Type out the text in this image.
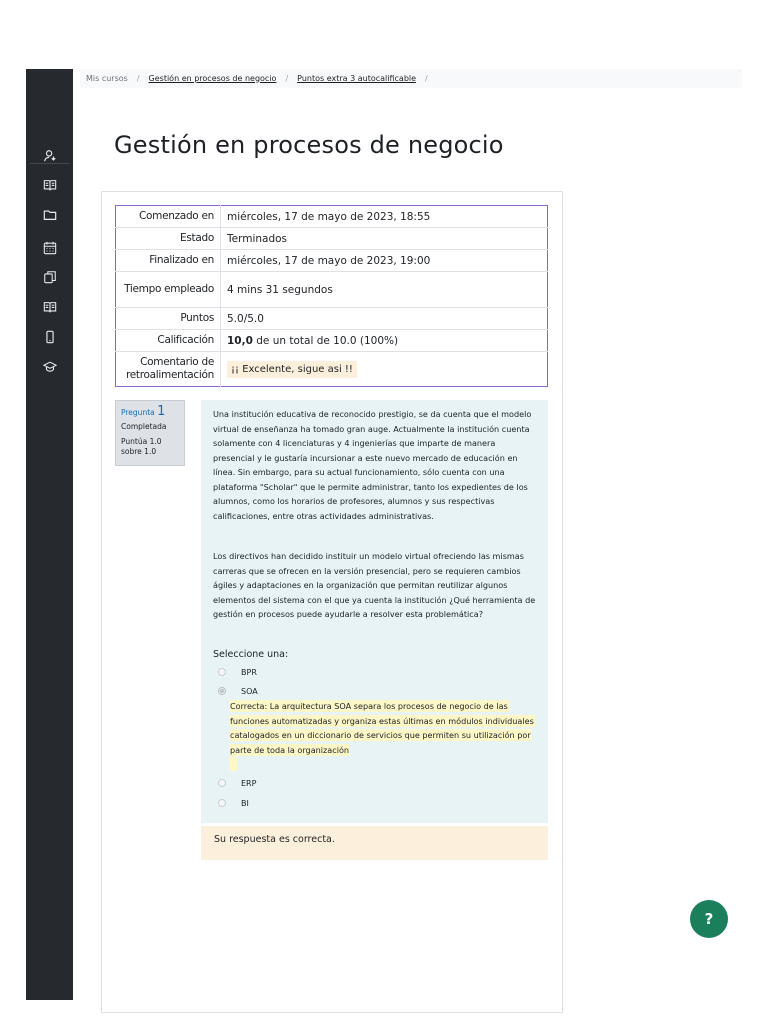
Mis cursos / Gestión en procesos de negocio / Puntos extra 3 autocalificable /
Gestión en procesos de negocio
Comenzado en	miércoles, 17 de mayo de 2023, 18:55
Estado	Terminados
Finalizado en	miércoles, 17 de mayo de 2023, 19:00
Tiempo empleado	4 mins 31 segundos
Puntos	5.0/5.0
Calificación	10,0 de un total de 10.0 (100%)
Comentario de retroalimentación	¡¡ Excelente, sigue asi !!
Pregunta 1
Completada
Puntúa 1.0
sobre 1.0

Una institución educativa de reconocido prestigio, se da cuenta que el modelo virtual de enseñanza ha tomado gran auge. Actualmente la institución cuenta solamente con 4 licenciaturas y 4 ingenierías que imparte de manera presencial y le gustaría incursionar a este nuevo mercado de educación en línea. Sin embargo, para su actual funcionamiento, sólo cuenta con una plataforma "Scholar" que le permite administrar, tanto los expedientes de los alumnos, como los horarios de profesores, alumnos y sus respectivas calificaciones, entre otras actividades administrativas.

Los directivos han decidido instituir un modelo virtual ofreciendo las mismas carreras que se ofrecen en la versión presencial, pero se requieren cambios ágiles y adaptaciones en la organización que permitan reutilizar algunos elementos del sistema con el que ya cuenta la institución ¿Qué herramienta de gestión en procesos puede ayudarle a resolver esta problemática?

Seleccione una:
BPR
SOA
Correcta: La arquitectura SOA separa los procesos de negocio de las funciones automatizadas y organiza estas últimas en módulos individuales catalogados en un diccionario de servicios que permiten su utilización por parte de toda la organización
ERP
BI
Su respuesta es correcta.
?
